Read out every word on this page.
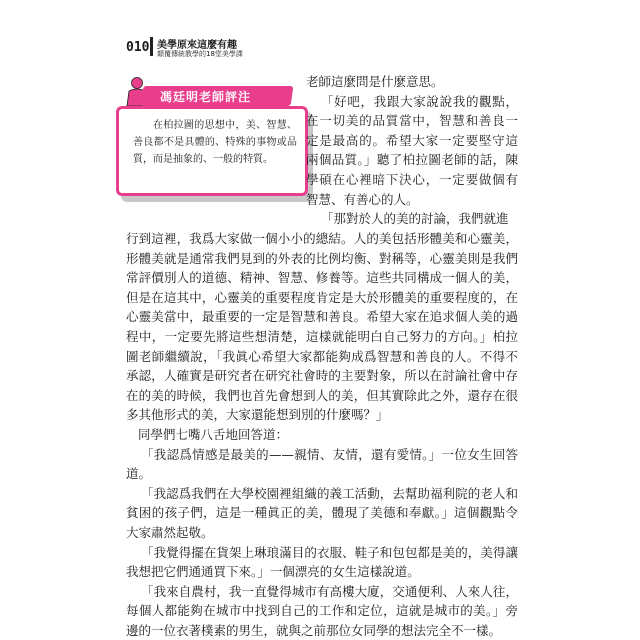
010 美學原來這麼有趣
顛覆傳統教學的18堂美學課
馮廷明老師評注
在柏拉圖的思想中，美、智慧、善良都不是具體的、特殊的事物或品質，而是抽象的、一般的特質。

老師這麼問是什麼意思。

「好吧，我跟大家說說我的觀點，在一切美的品質當中，智慧和善良一定是最高的。希望大家一定要堅守這兩個品質。」聽了柏拉圖老師的話，陳學碩在心裡暗下決心，一定要做個有智慧、有善心的人。

「那對於人的美的討論，我們就進

行到這裡，我爲大家做一個小小的總結。人的美包括形體美和心靈美，形體美就是通常我們見到的外表的比例均衡、對稱等，心靈美則是我們常評價別人的道德、精神、智慧、修養等。這些共同構成一個人的美，但是在這其中，心靈美的重要程度肯定是大於形體美的重要程度的，在心靈美當中，最重要的一定是智慧和善良。希望大家在追求個人美的過程中，一定要先將這些想清楚，這樣就能明白自己努力的方向。」柏拉圖老師繼續說，「我眞心希望大家都能夠成爲智慧和善良的人。不得不承認，人確實是研究者在研究社會時的主要對象，所以在討論社會中存在的美的時候，我們也首先會想到人的美，但其實除此之外，還存在很多其他形式的美，大家還能想到別的什麼嗎？」

同學們七嘴八舌地回答道：

「我認爲情感是最美的——親情、友情，還有愛情。」一位女生回答道。

「我認爲我們在大學校園裡組織的義工活動，去幫助福利院的老人和貧困的孩子們，這是一種眞正的美，體現了美德和奉獻。」這個觀點令大家肅然起敬。

「我覺得擺在貨架上琳琅滿目的衣服、鞋子和包包都是美的，美得讓我想把它們通通買下來。」一個漂亮的女生這樣說道。

「我來自農村，我一直覺得城市有高樓大廈，交通便利、人來人往，每個人都能夠在城市中找到自己的工作和定位，這就是城市的美。」旁邊的一位衣著樸素的男生，就與之前那位女同學的想法完全不一樣。
